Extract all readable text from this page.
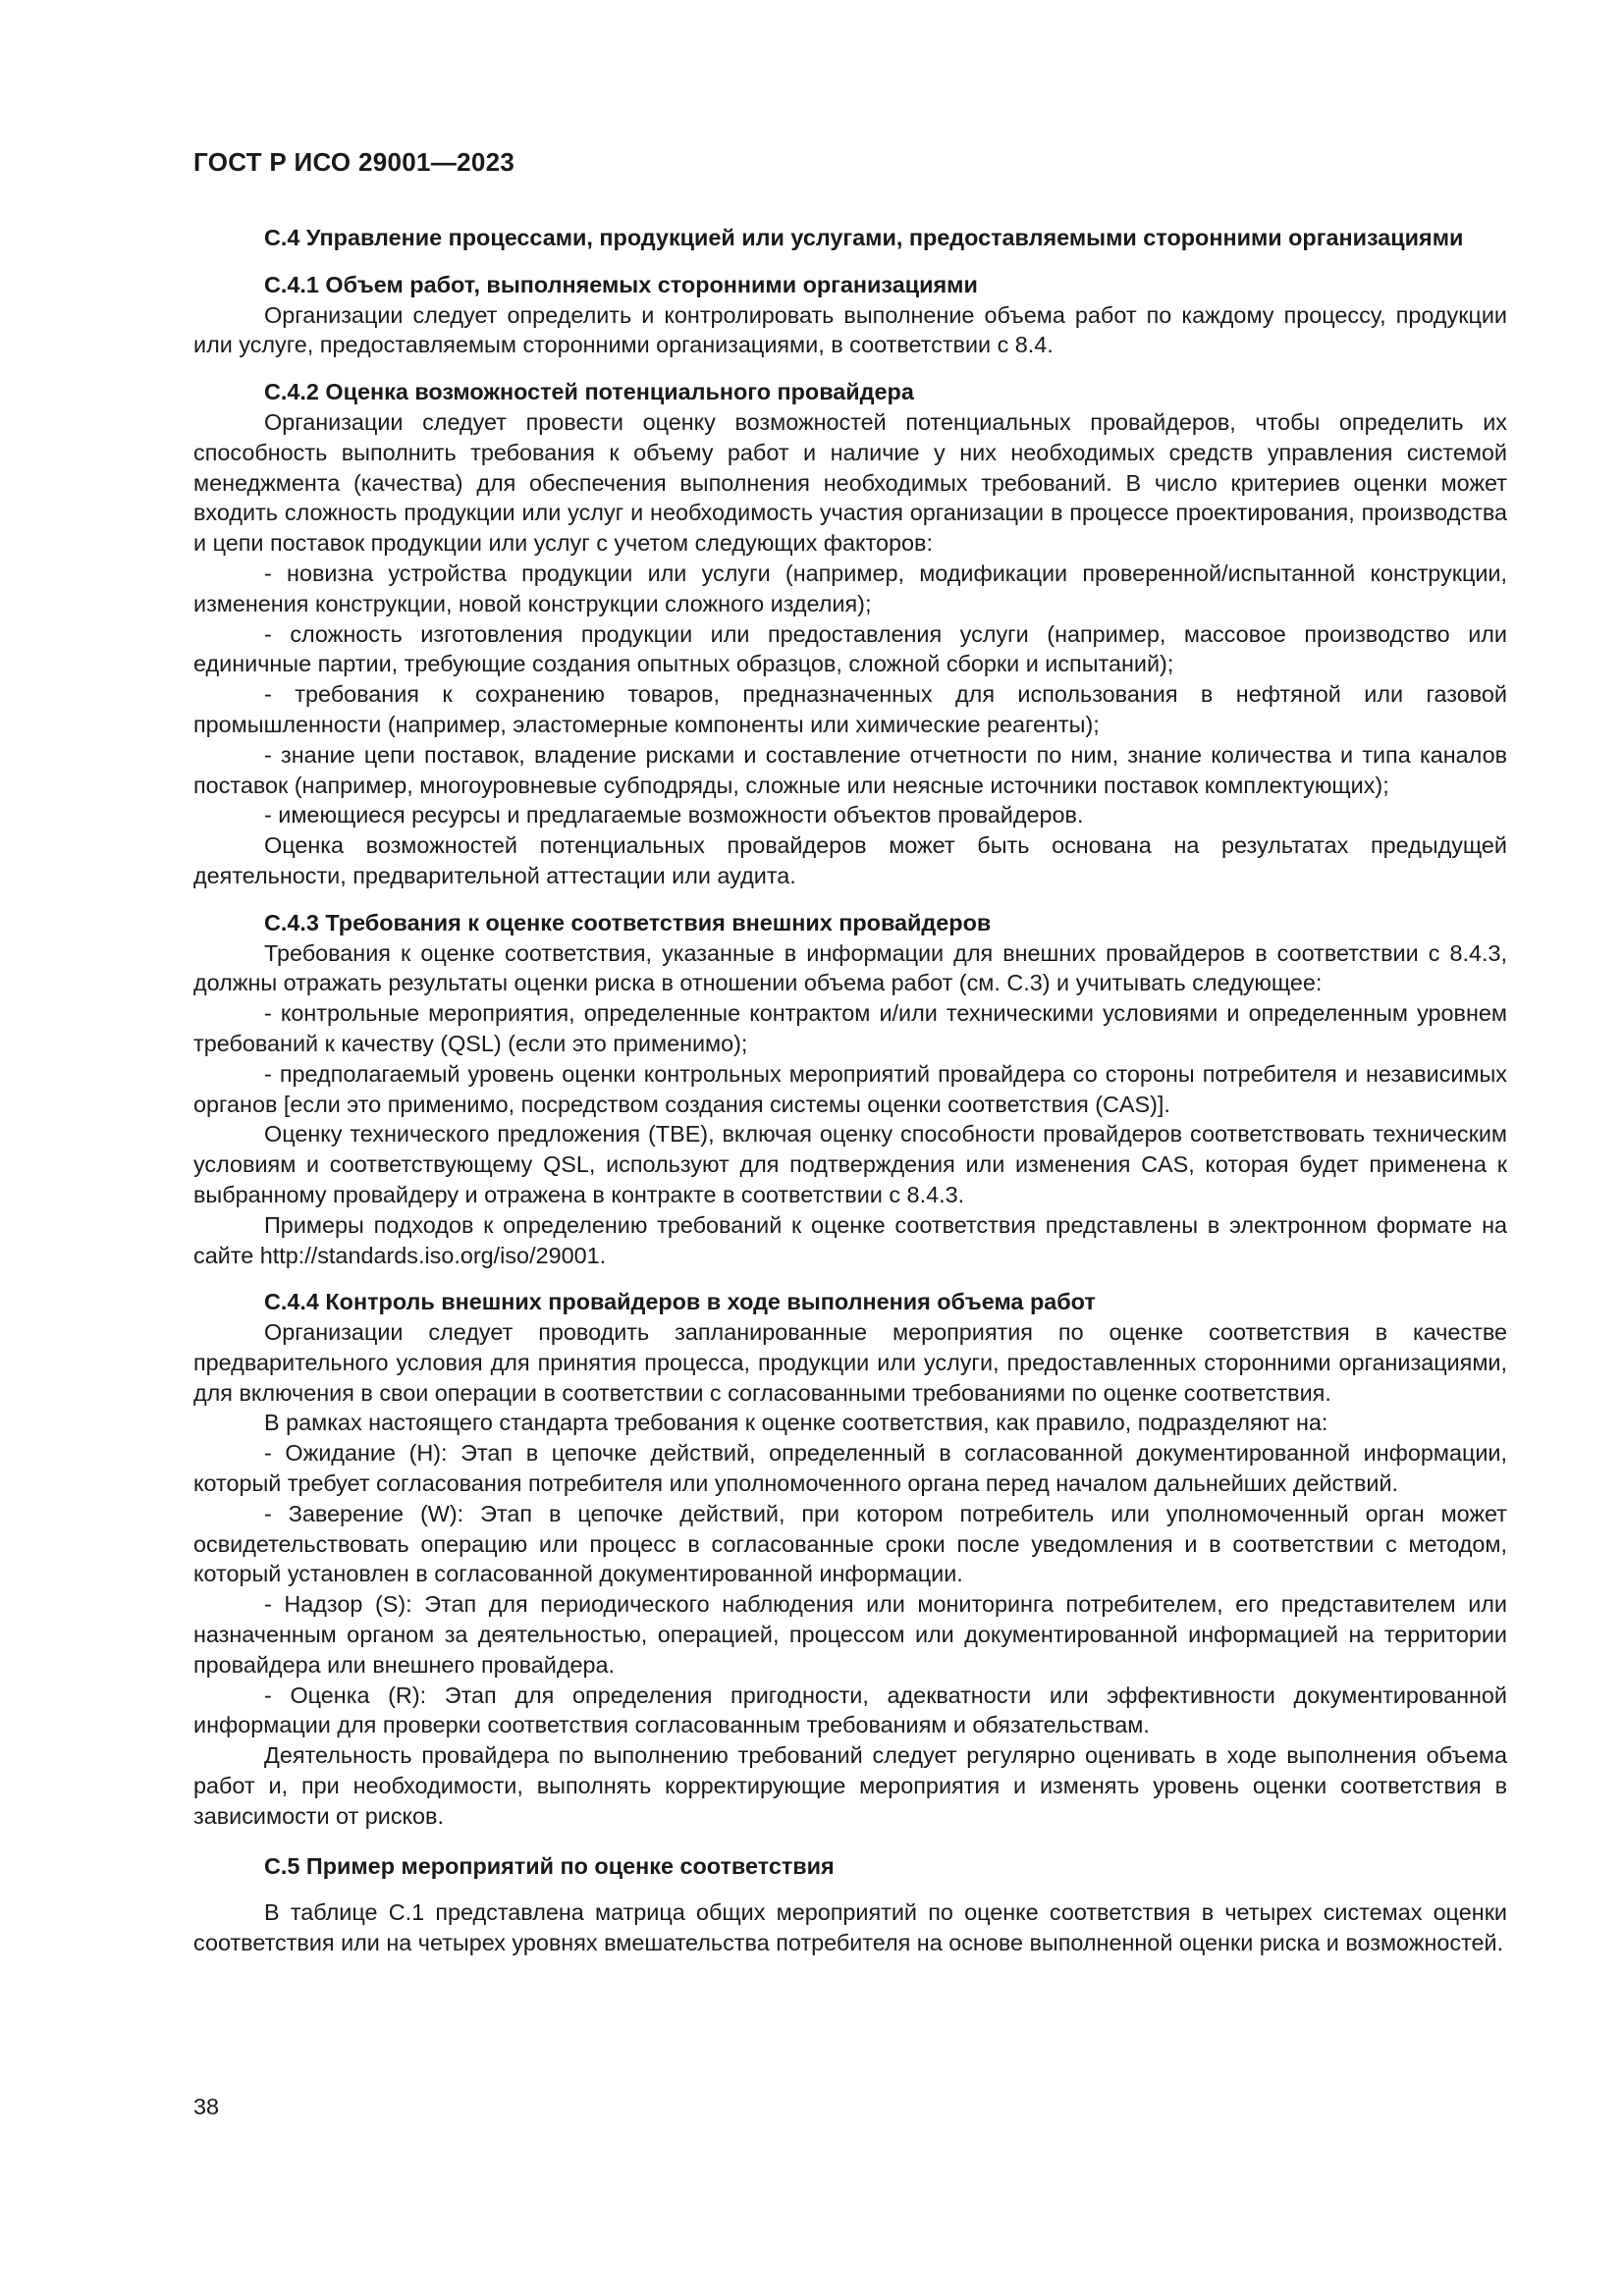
ГОСТ Р ИСО 29001—2023
C.4 Управление процессами, продукцией или услугами, предоставляемыми сторонними организациями
C.4.1 Объем работ, выполняемых сторонними организациями

Организации следует определить и контролировать выполнение объема работ по каждому процессу, продукции или услуге, предоставляемым сторонними организациями, в соответствии с 8.4.

C.4.2 Оценка возможностей потенциального провайдера

Организации следует провести оценку возможностей потенциальных провайдеров, чтобы определить их способность выполнить требования к объему работ и наличие у них необходимых средств управления системой менеджмента (качества) для обеспечения выполнения необходимых требований. В число критериев оценки может входить сложность продукции или услуг и необходимость участия организации в процессе проектирования, производства и цепи поставок продукции или услуг с учетом следующих факторов:

- новизна устройства продукции или услуги (например, модификации проверенной/испытанной конструкции, изменения конструкции, новой конструкции сложного изделия);

- сложность изготовления продукции или предоставления услуги (например, массовое производство или единичные партии, требующие создания опытных образцов, сложной сборки и испытаний);

- требования к сохранению товаров, предназначенных для использования в нефтяной или газовой промышленности (например, эластомерные компоненты или химические реагенты);

- знание цепи поставок, владение рисками и составление отчетности по ним, знание количества и типа каналов поставок (например, многоуровневые субподряды, сложные или неясные источники поставок комплектующих);

- имеющиеся ресурсы и предлагаемые возможности объектов провайдеров.

Оценка возможностей потенциальных провайдеров может быть основана на результатах предыдущей деятельности, предварительной аттестации или аудита.

C.4.3 Требования к оценке соответствия внешних провайдеров

Требования к оценке соответствия, указанные в информации для внешних провайдеров в соответствии с 8.4.3, должны отражать результаты оценки риска в отношении объема работ (см. C.3) и учитывать следующее:

- контрольные мероприятия, определенные контрактом и/или техническими условиями и определенным уровнем требований к качеству (QSL) (если это применимо);

- предполагаемый уровень оценки контрольных мероприятий провайдера со стороны потребителя и независимых органов [если это применимо, посредством создания системы оценки соответствия (CAS)].

Оценку технического предложения (TBE), включая оценку способности провайдеров соответствовать техническим условиям и соответствующему QSL, используют для подтверждения или изменения CAS, которая будет применена к выбранному провайдеру и отражена в контракте в соответствии с 8.4.3.

Примеры подходов к определению требований к оценке соответствия представлены в электронном формате на сайте http://standards.iso.org/iso/29001.

C.4.4 Контроль внешних провайдеров в ходе выполнения объема работ

Организации следует проводить запланированные мероприятия по оценке соответствия в качестве предварительного условия для принятия процесса, продукции или услуги, предоставленных сторонними организациями, для включения в свои операции в соответствии с согласованными требованиями по оценке соответствия.

В рамках настоящего стандарта требования к оценке соответствия, как правило, подразделяют на:

- Ожидание (H): Этап в цепочке действий, определенный в согласованной документированной информации, который требует согласования потребителя или уполномоченного органа перед началом дальнейших действий.

- Заверение (W): Этап в цепочке действий, при котором потребитель или уполномоченный орган может освидетельствовать операцию или процесс в согласованные сроки после уведомления и в соответствии с методом, который установлен в согласованной документированной информации.

- Надзор (S): Этап для периодического наблюдения или мониторинга потребителем, его представителем или назначенным органом за деятельностью, операцией, процессом или документированной информацией на территории провайдера или внешнего провайдера.

- Оценка (R): Этап для определения пригодности, адекватности или эффективности документированной информации для проверки соответствия согласованным требованиям и обязательствам.

Деятельность провайдера по выполнению требований следует регулярно оценивать в ходе выполнения объема работ и, при необходимости, выполнять корректирующие мероприятия и изменять уровень оценки соответствия в зависимости от рисков.

C.5 Пример мероприятий по оценке соответствия

В таблице C.1 представлена матрица общих мероприятий по оценке соответствия в четырех системах оценки соответствия или на четырех уровнях вмешательства потребителя на основе выполненной оценки риска и возможностей.

38
